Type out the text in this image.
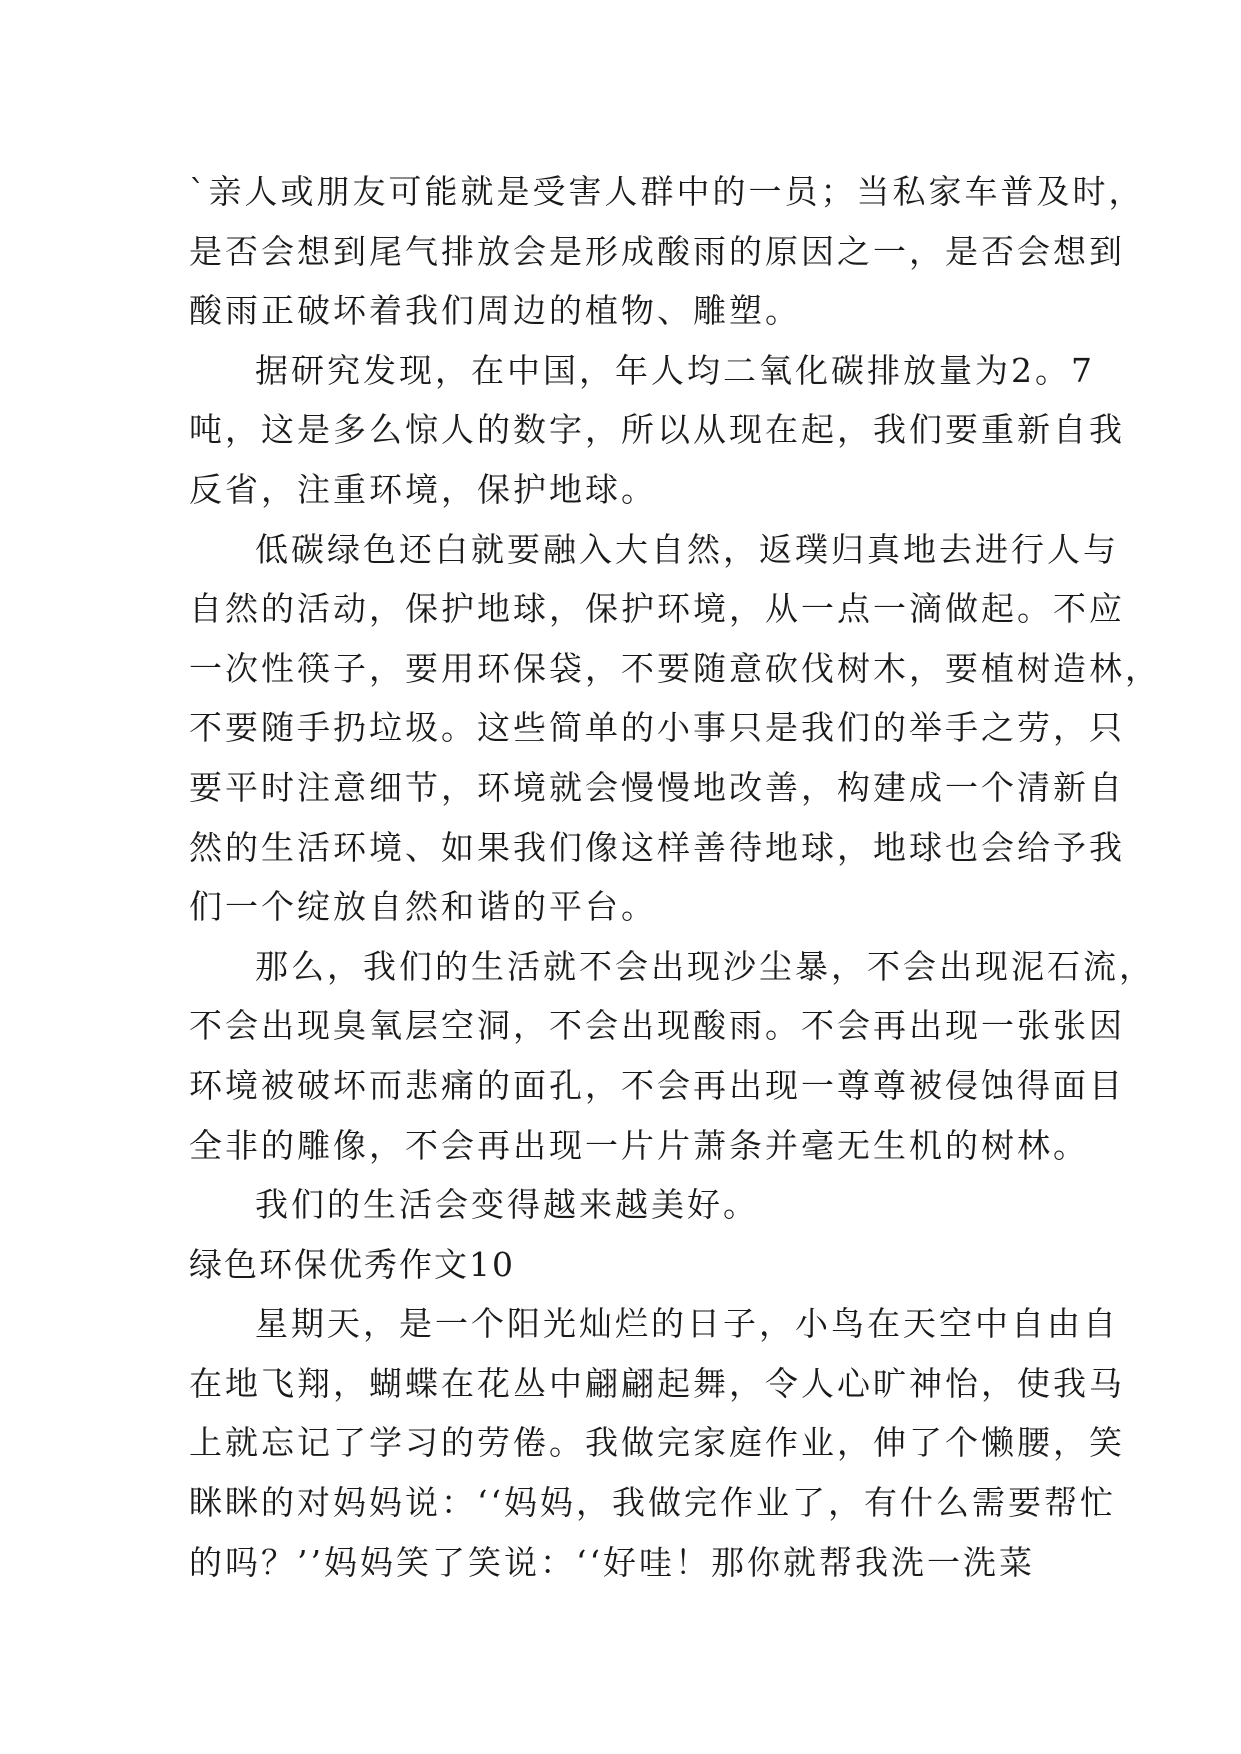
`亲人或朋友可能就是受害人群中的一员；当私家车普及时，
是否会想到尾气排放会是形成酸雨的原因之一，是否会想到
酸雨正破坏着我们周边的植物、雕塑。
据研究发现，在中国，年人均二氧化碳排放量为2。7
吨，这是多么惊人的数字，所以从现在起，我们要重新自我
反省，注重环境，保护地球。
低碳绿色还白就要融入大自然，返璞归真地去进行人与
自然的活动，保护地球，保护环境，从一点一滴做起。不应
一次性筷子，要用环保袋，不要随意砍伐树木，要植树造林，
不要随手扔垃圾。这些简单的小事只是我们的举手之劳，只
要平时注意细节，环境就会慢慢地改善，构建成一个清新自
然的生活环境、如果我们像这样善待地球，地球也会给予我
们一个绽放自然和谐的平台。
那么，我们的生活就不会出现沙尘暴，不会出现泥石流，
不会出现臭氧层空洞，不会出现酸雨。不会再出现一张张因
环境被破坏而悲痛的面孔，不会再出现一尊尊被侵蚀得面目
全非的雕像，不会再出现一片片萧条并毫无生机的树林。
我们的生活会变得越来越美好。
绿色环保优秀作文10
星期天，是一个阳光灿烂的日子，小鸟在天空中自由自
在地飞翔，蝴蝶在花丛中翩翩起舞，令人心旷神怡，使我马
上就忘记了学习的劳倦。我做完家庭作业，伸了个懒腰，笑
眯眯的对妈妈说：‘‘妈妈，我做完作业了，有什么需要帮忙
的吗？’’妈妈笑了笑说：‘‘好哇！那你就帮我洗一洗菜
